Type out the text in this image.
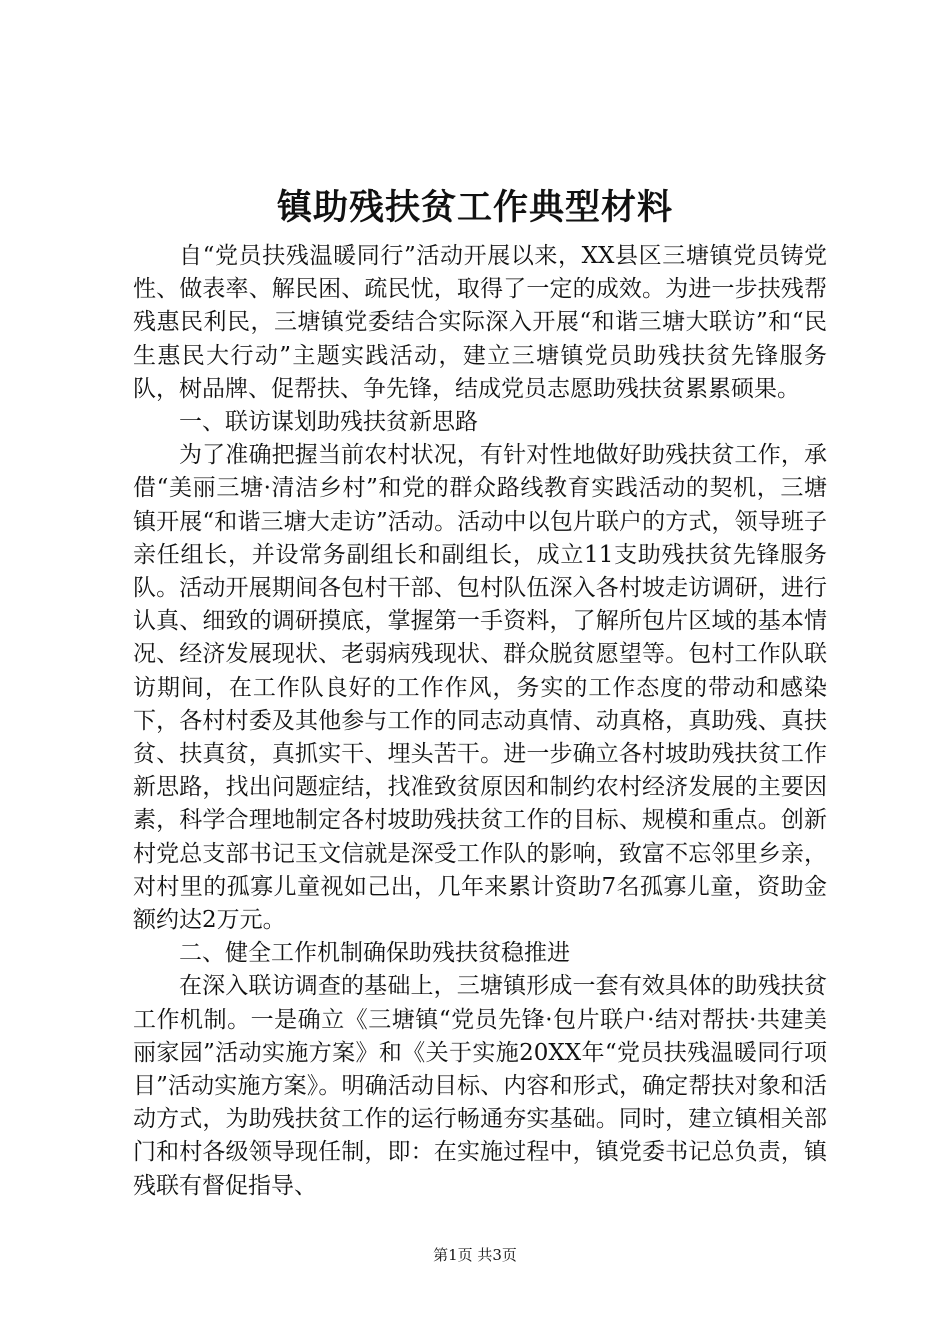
镇助残扶贫工作典型材料

自“党员扶残温暖同行”活动开展以来，XX县区三塘镇党员铸党性、做表率、解民困、疏民忧，取得了一定的成效。为进一步扶残帮残惠民利民，三塘镇党委结合实际深入开展“和谐三塘大联访”和“民生惠民大行动”主题实践活动，建立三塘镇党员助残扶贫先锋服务队，树品牌、促帮扶、争先锋，结成党员志愿助残扶贫累累硕果。

一、联访谋划助残扶贫新思路

为了准确把握当前农村状况，有针对性地做好助残扶贫工作，承借“美丽三塘·清洁乡村”和党的群众路线教育实践活动的契机，三塘镇开展“和谐三塘大走访”活动。活动中以包片联户的方式，领导班子亲任组长，并设常务副组长和副组长，成立11支助残扶贫先锋服务队。活动开展期间各包村干部、包村队伍深入各村坡走访调研，进行认真、细致的调研摸底，掌握第一手资料，了解所包片区域的基本情况、经济发展现状、老弱病残现状、群众脱贫愿望等。包村工作队联访期间，在工作队良好的工作作风，务实的工作态度的带动和感染下，各村村委及其他参与工作的同志动真情、动真格，真助残、真扶贫、扶真贫，真抓实干、埋头苦干。进一步确立各村坡助残扶贫工作新思路，找出问题症结，找准致贫原因和制约农村经济发展的主要因素，科学合理地制定各村坡助残扶贫工作的目标、规模和重点。创新村党总支部书记玉文信就是深受工作队的影响，致富不忘邻里乡亲，对村里的孤寡儿童视如己出，几年来累计资助7名孤寡儿童，资助金额约达2万元。

二、健全工作机制确保助残扶贫稳推进

在深入联访调查的基础上，三塘镇形成一套有效具体的助残扶贫工作机制。一是确立《三塘镇“党员先锋·包片联户·结对帮扶·共建美丽家园”活动实施方案》和《关于实施20XX年“党员扶残温暖同行项目”活动实施方案》。明确活动目标、内容和形式，确定帮扶对象和活动方式，为助残扶贫工作的运行畅通夯实基础。同时，建立镇相关部门和村各级领导现任制，即：在实施过程中，镇党委书记总负责，镇残联有督促指导、

第1页 共3页
